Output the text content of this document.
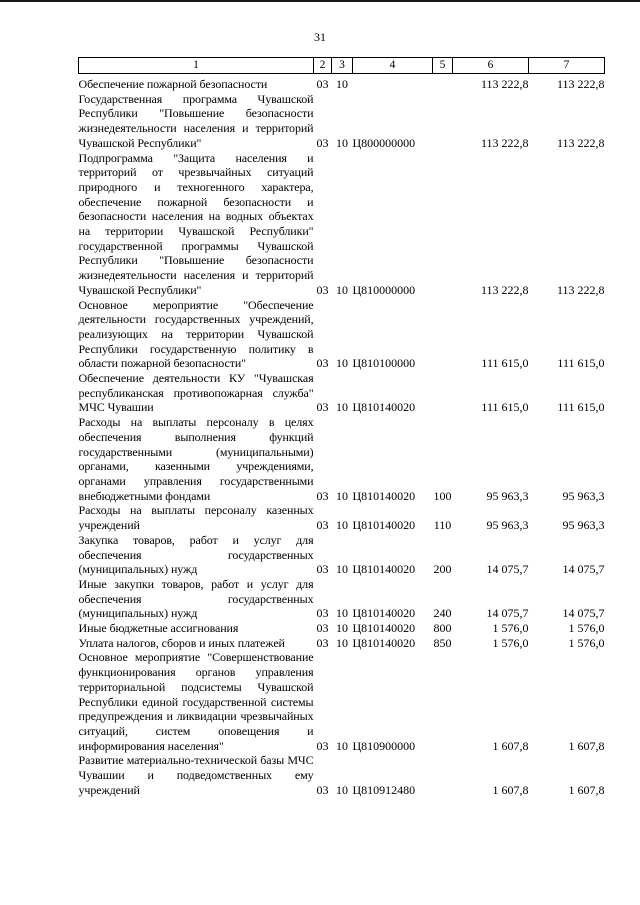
31
1	2	3	4	5	6	7
Обеспечение пожарной безопасности	03	10			113 222,8	113 222,8
Государственная программа Чувашской Республики "Повышение безопасности жизнедеятельности населения и территорий Чувашской Республики"	03	10	Ц800000000		113 222,8	113 222,8
Подпрограмма "Защита населения и территорий от чрезвычайных ситуаций природного и техногенного характера, обеспечение пожарной безопасности и безопасности населения на водных объектах на территории Чувашской Республики" государственной программы Чувашской Республики "Повышение безопасности жизнедеятельности населения и территорий Чувашской Республики"	03	10	Ц810000000		113 222,8	113 222,8
Основное мероприятие "Обеспечение деятельности государственных учреждений, реализующих на территории Чувашской Республики государственную политику в области пожарной безопасности"	03	10	Ц810100000		111 615,0	111 615,0
Обеспечение деятельности КУ "Чувашская республиканская противопожарная служба" МЧС Чувашии	03	10	Ц810140020		111 615,0	111 615,0
Расходы на выплаты персоналу в целях обеспечения выполнения функций государственными (муниципальными) органами, казенными учреждениями, органами управления государственными внебюджетными фондами	03	10	Ц810140020	100	95 963,3	95 963,3
Расходы на выплаты персоналу казенных учреждений	03	10	Ц810140020	110	95 963,3	95 963,3
Закупка товаров, работ и услуг для обеспечения государственных (муниципальных) нужд	03	10	Ц810140020	200	14 075,7	14 075,7
Иные закупки товаров, работ и услуг для обеспечения государственных (муниципальных) нужд	03	10	Ц810140020	240	14 075,7	14 075,7
Иные бюджетные ассигнования	03	10	Ц810140020	800	1 576,0	1 576,0
Уплата налогов, сборов и иных платежей	03	10	Ц810140020	850	1 576,0	1 576,0
Основное мероприятие "Совершенствование функционирования органов управления территориальной подсистемы Чувашской Республики единой государственной системы предупреждения и ликвидации чрезвычайных ситуаций, систем оповещения и информирования населения"	03	10	Ц810900000		1 607,8	1 607,8
Развитие материально-технической базы МЧС Чувашии и подведомственных ему учреждений	03	10	Ц810912480		1 607,8	1 607,8
